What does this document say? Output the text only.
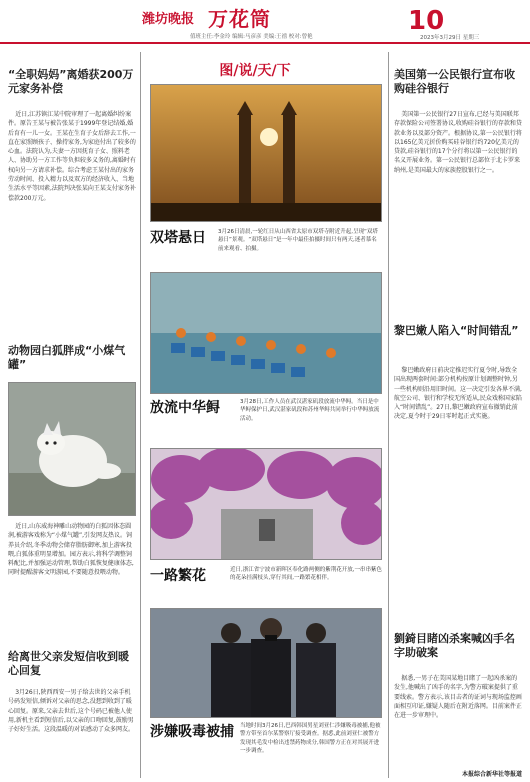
潍坊晚报 万花筒
值班主任:李金玲 编辑:马彦彦 美编:王禧 校对:曾艳
10
2023年3月29日 星期三
“全职妈妈”离婚获200万元家务补偿
近日,江苏镇江某中院审理了一起离婚纠纷案件。原告王某与被告张某于1999年登记结婚,婚后育有一儿一女。王某在生育子女后辞去工作,一直在家照顾孩子、操持家务,为家庭付出了较多的心血。法院认为,夫妻一方因抚育子女、照料老人、协助另一方工作等负担较多义务的,离婚时有权向另一方请求补偿。综合考虑王某付出的家务劳动时间、投入精力以及双方的经济收入、当地生活水平等因素,法院判决张某向王某支付家务补偿款200万元。
动物园白狐胖成“小煤气罐”
近日,山东威海神雕山动物园的白狐因体态圆润,被游客戏称为“小煤气罐”,引发网友热议。饲养员介绍,冬季动物会储存脂肪御寒,加上游客投喂,白狐体重明显增加。园方表示,将科学调整饲料配比,并加强运动管理,帮助白狐恢复健康体态,同时提醒游客文明游园,不要随意投喂动物。
给离世父亲发短信收到暖心回复
3月26日,陕西西安一男子给去世的父亲手机号码发短信,倾诉对父亲的思念,没想到收到了暖心回复。原来,父亲去世后,这个号码已被他人使用,新机主看到短信后,以父亲的口吻回复,鼓励男子好好生活。这段温暖的对话感动了众多网友。
图/说/天/下
双塔悬日	3月26日清晨,一轮红日从山西省太原市双塔寺附近升起,呈现“双塔悬日”景观。“双塔悬日”是一年中最佳拍摄时间只有两天,迷者慕名前来观看、拍摄。
放流中华鲟	3月28日,工作人员在武汉湛家矶段放流中华鲟。当日是中华鲟保护日,武汉湛家矶段和苏州华鲟共同举行中华鲟放流活动。
一路繁花	近日,浙江省宁波市新晖区奉化路两侧的紫荆花开放,一串串紫色的花朵挂满枝头,穿行其间,一路繁花相伴。
涉嫌吸毒被捕 当地时间3月26日,巴西韩国男星刘亚仁涉嫌吸毒被捕,他被警方带至首尔某警察厅接受调查。据悉,此前刘亚仁被警方发现其毛发中检出违禁药物成分,韩国警方正在对其展开进一步调查。
美国第一公民银行宣布收购硅谷银行
美国第一公民银行27日宣布,已经与美国联邦存款保险公司签署协议,收购硅谷银行的存款和贷款业务以及部分资产。根据协议,第一公民银行将以165亿美元折价购买硅谷银行约720亿美元的贷款,硅谷银行的17个分行将以第一公民银行的名义开展业务。第一公民银行总部位于北卡罗来纳州,是美国最大的家族控股银行之一。
黎巴嫩人陷入“时间错乱”
黎巴嫩政府日前决定推迟实行夏令时,导致全国出现两套时间:部分机构按原计划调整时钟,另一些机构则沿用旧时间。这一决定引发各界不满,航空公司、银行和学校无所适从,民众戏称国家陷入“时间错乱”。27日,黎巴嫩政府宣布撤销此前决定,夏令时于29日零时起正式实施。
劉錡目睹凶杀案喊凶手名字助破案
据悉,一男子在美国某地目睹了一起凶杀案的发生,他喊出了凶手的名字,为警方破案提供了重要线索。警方表示,该目击者的证词与现场监控画面相互印证,嫌疑人随后在附近落网。目前案件正在进一步审理中。
本报综合新华社等报道
